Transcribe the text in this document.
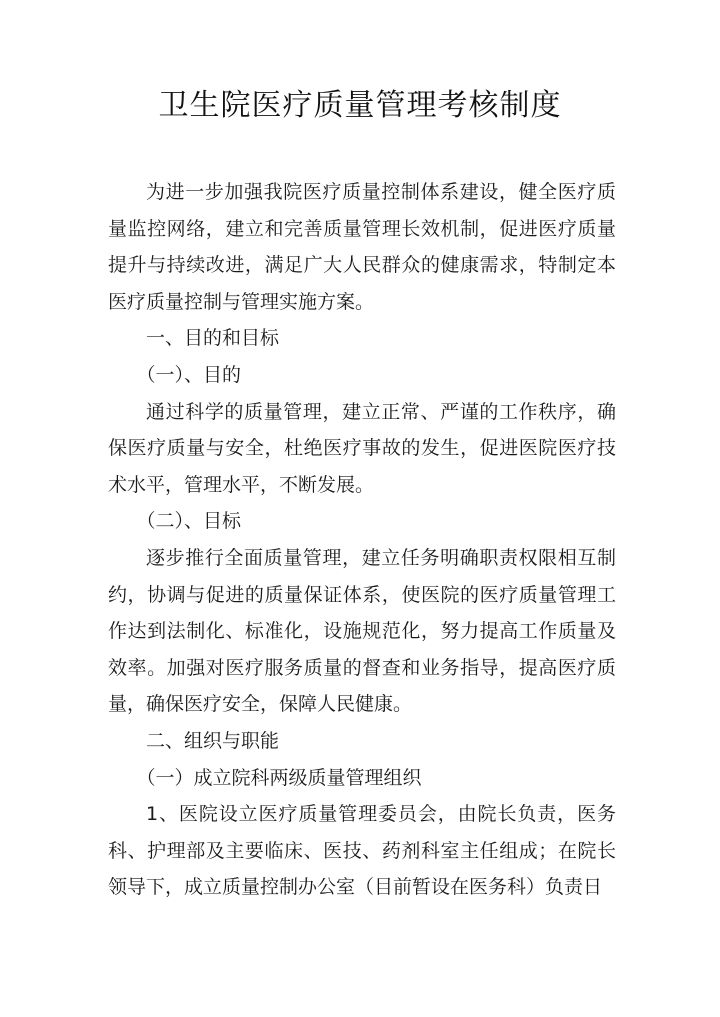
卫生院医疗质量管理考核制度

为进一步加强我院医疗质量控制体系建设，健全医疗质量监控网络，建立和完善质量管理长效机制，促进医疗质量提升与持续改进，满足广大人民群众的健康需求，特制定本医疗质量控制与管理实施方案。

一、目的和目标

（一）、目的

通过科学的质量管理，建立正常、严谨的工作秩序，确保医疗质量与安全，杜绝医疗事故的发生，促进医院医疗技术水平，管理水平，不断发展。

（二）、目标

逐步推行全面质量管理，建立任务明确职责权限相互制约，协调与促进的质量保证体系，使医院的医疗质量管理工作达到法制化、标准化，设施规范化，努力提高工作质量及效率。加强对医疗服务质量的督查和业务指导，提高医疗质量，确保医疗安全，保障人民健康。

二、组织与职能

（一）成立院科两级质量管理组织

1、医院设立医疗质量管理委员会，由院长负责，医务科、护理部及主要临床、医技、药剂科室主任组成；在院长领导下，成立质量控制办公室（目前暂设在医务科）负责日
